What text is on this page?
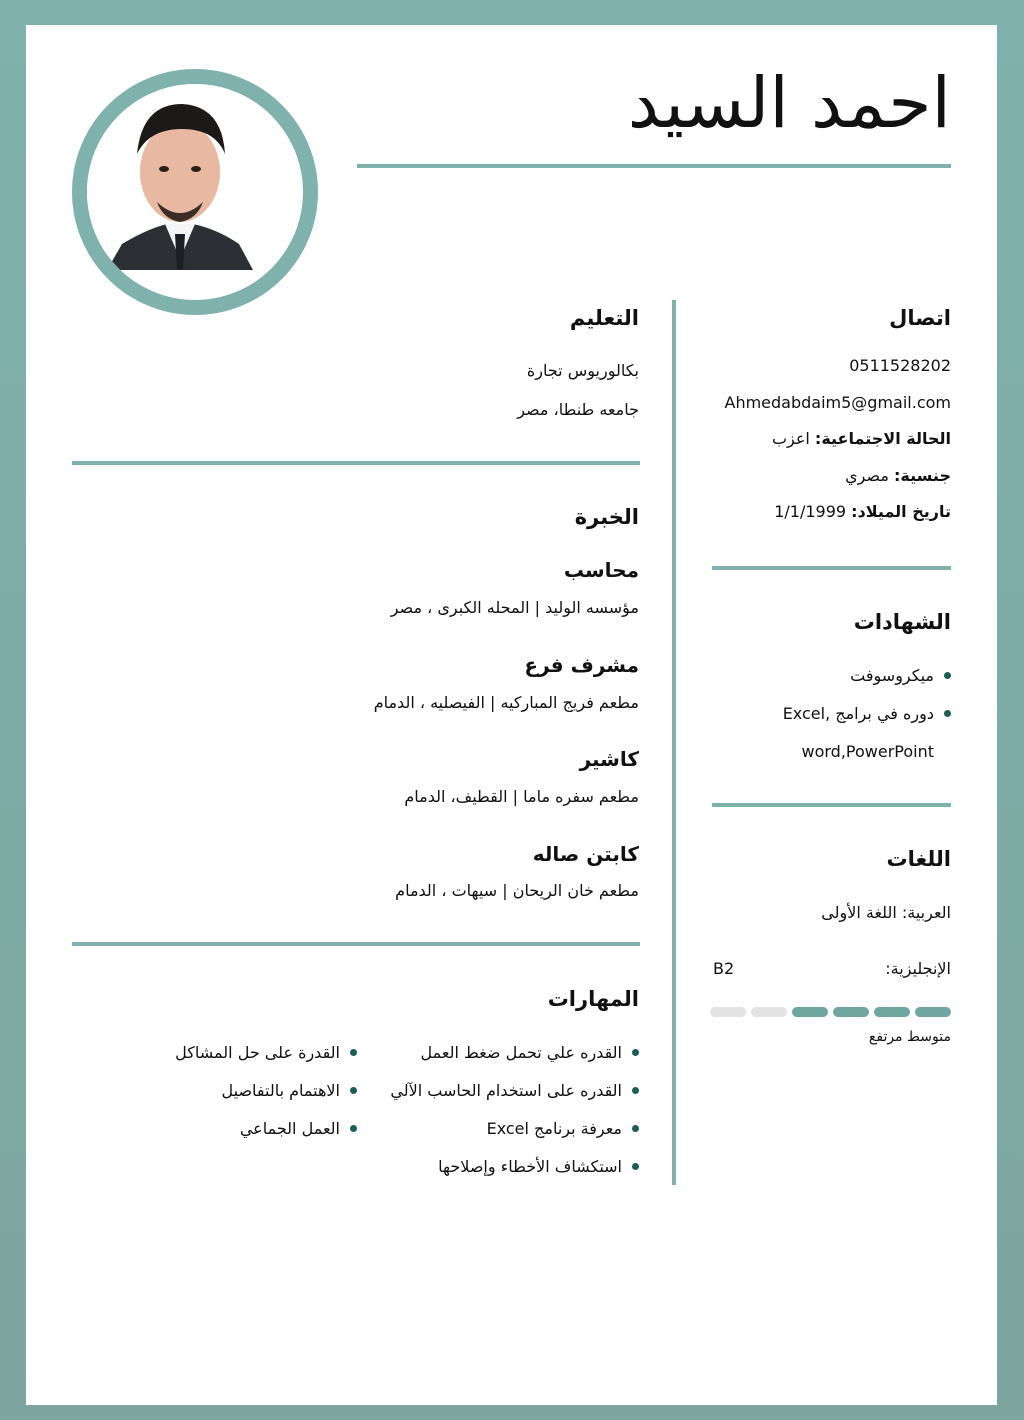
احمد السيد
اتصال
0511528202
Ahmedabdaim5@gmail.com
الحالة الاجتماعية: اعزب
جنسية: مصري
تاريخ الميلاد: 1/1/1999
الشهادات
ميكروسوفت
دوره في برامج ,Excel
word,PowerPoint
اللغات
العربية: اللغة الأولى
الإنجليزية:
B2
متوسط مرتفع
التعليم
بكالوريوس تجارة
جامعه طنطا، مصر
الخبرة
محاسب
مؤسسه الوليد | المحله الكبرى ، مصر
مشرف فرع
مطعم فريج المباركيه | الفيصليه ، الدمام
كاشير
مطعم سفره ماما | القطيف، الدمام
كابتن صاله
مطعم خان الريحان | سيهات ، الدمام
المهارات
القدره علي تحمل ضغط العمل
القدره على استخدام الحاسب الآلي
معرفة برنامج Excel
استكشاف الأخطاء وإصلاحها
القدرة على حل المشاكل
الاهتمام بالتفاصيل
العمل الجماعي
